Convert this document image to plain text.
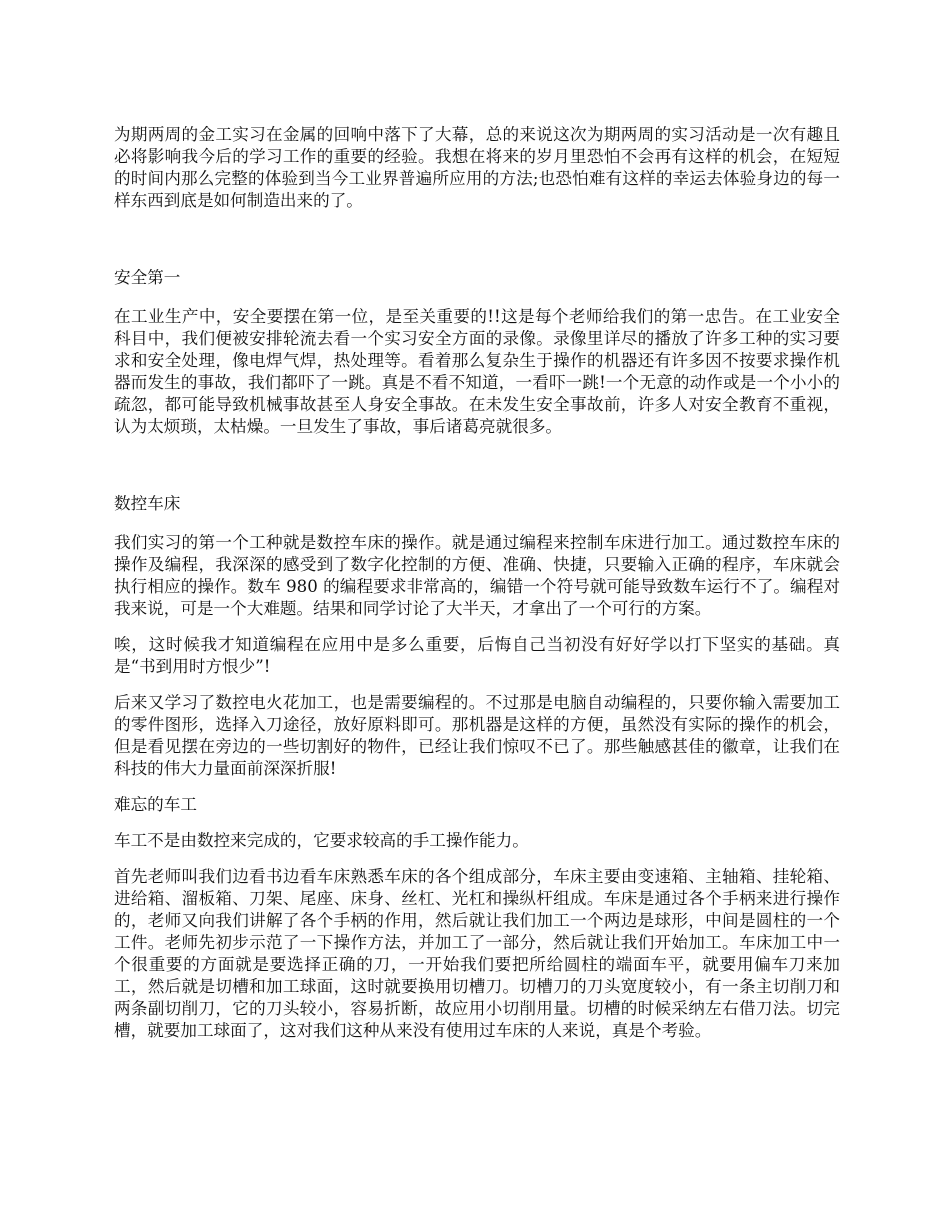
为期两周的金工实习在金属的回响中落下了大幕，总的来说这次为期两周的实习活动是一次有趣且必将影响我今后的学习工作的重要的经验。我想在将来的岁月里恐怕不会再有这样的机会，在短短的时间内那么完整的体验到当今工业界普遍所应用的方法;也恐怕难有这样的幸运去体验身边的每一样东西到底是如何制造出来的了。

安全第一

在工业生产中，安全要摆在第一位，是至关重要的!!这是每个老师给我们的第一忠告。在工业安全科目中，我们便被安排轮流去看一个实习安全方面的录像。录像里详尽的播放了许多工种的实习要求和安全处理，像电焊气焊，热处理等。看着那么复杂生于操作的机器还有许多因不按要求操作机器而发生的事故，我们都吓了一跳。真是不看不知道，一看吓一跳!一个无意的动作或是一个小小的疏忽，都可能导致机械事故甚至人身安全事故。在未发生安全事故前，许多人对安全教育不重视，认为太烦琐，太枯燥。一旦发生了事故，事后诸葛亮就很多。

数控车床

我们实习的第一个工种就是数控车床的操作。就是通过编程来控制车床进行加工。通过数控车床的操作及编程，我深深的感受到了数字化控制的方便、准确、快捷，只要输入正确的程序，车床就会执行相应的操作。数车 980 的编程要求非常高的，编错一个符号就可能导致数车运行不了。编程对我来说，可是一个大难题。结果和同学讨论了大半天，才拿出了一个可行的方案。

唉，这时候我才知道编程在应用中是多么重要，后悔自己当初没有好好学以打下坚实的基础。真是“书到用时方恨少”!

后来又学习了数控电火花加工，也是需要编程的。不过那是电脑自动编程的，只要你输入需要加工的零件图形，选择入刀途径，放好原料即可。那机器是这样的方便，虽然没有实际的操作的机会，但是看见摆在旁边的一些切割好的物件，已经让我们惊叹不已了。那些触感甚佳的徽章，让我们在科技的伟大力量面前深深折服!

难忘的车工

车工不是由数控来完成的，它要求较高的手工操作能力。

首先老师叫我们边看书边看车床熟悉车床的各个组成部分，车床主要由变速箱、主轴箱、挂轮箱、进给箱、溜板箱、刀架、尾座、床身、丝杠、光杠和操纵杆组成。车床是通过各个手柄来进行操作的，老师又向我们讲解了各个手柄的作用，然后就让我们加工一个两边是球形，中间是圆柱的一个工件。老师先初步示范了一下操作方法，并加工了一部分，然后就让我们开始加工。车床加工中一个很重要的方面就是要选择正确的刀，一开始我们要把所给圆柱的端面车平，就要用偏车刀来加工，然后就是切槽和加工球面，这时就要换用切槽刀。切槽刀的刀头宽度较小，有一条主切削刀和两条副切削刀，它的刀头较小，容易折断，故应用小切削用量。切槽的时候采纳左右借刀法。切完槽，就要加工球面了，这对我们这种从来没有使用过车床的人来说，真是个考验。
